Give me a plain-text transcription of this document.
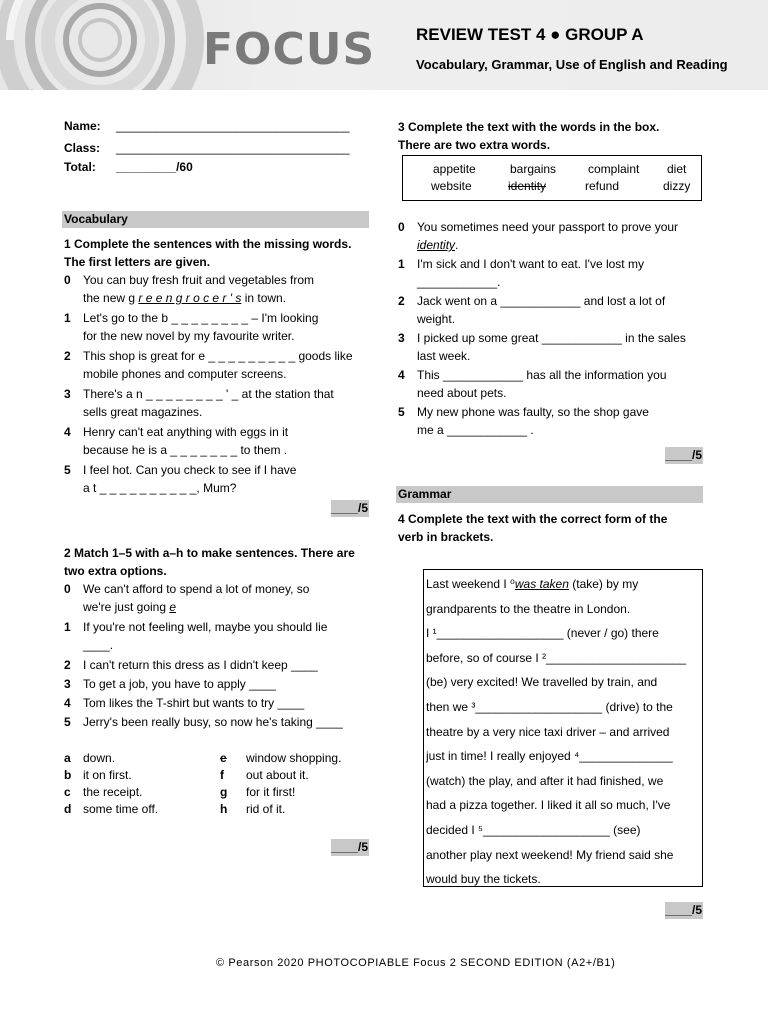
FOCUS REVIEW TEST 4 ● GROUP A
Vocabulary, Grammar, Use of English and Reading
Name: ___________________________________
Class: ___________________________________
Total: _________/60
Vocabulary
1 Complete the sentences with the missing words.
The first letters are given.
0	You can buy fresh fruit and vegetables from
the new g r e e n g r o c e r ' s in town.
1	Let's go to the b _ _ _ _ _ _ _ _ – I'm looking
for the new novel by my favourite writer.
2	This shop is great for e _ _ _ _ _ _ _ _ _ goods like
mobile phones and computer screens.
3	There's a n _ _ _ _ _ _ _ _ ' _ at the station that
sells great magazines.
4	Henry can't eat anything with eggs in it
because he is a _ _ _ _ _ _ _ to them .
5	I feel hot. Can you check to see if I have
a t _ _ _ _ _ _ _ _ _ _, Mum?
____/5
2 Match 1–5 with a–h to make sentences. There are
two extra options.
0	We can't afford to spend a lot of money, so
we're just going e
1	If you're not feeling well, maybe you should lie
____.
2	I can't return this dress as I didn't keep ____
3	To get a job, you have to apply ____
4	Tom likes the T-shirt but wants to try ____
5	Jerry's been really busy, so now he's taking ____
a down.
b it on first.
c the receipt.
d some time off.
e window shopping.
f out about it.
g for it first!
h rid of it.
____/5
3 Complete the text with the words in the box.
There are two extra words.
appetite	bargains	complaint diet
website	identity	refund	dizzy
0	You sometimes need your passport to prove your
identity.
1	I'm sick and I don't want to eat. I've lost my
____________.
2	Jack went on a ____________ and lost a lot of
weight.
3	I picked up some great ____________ in the sales
last week.
4	This ____________ has all the information you
need about pets.
5	My new phone was faulty, so the shop gave
me a ____________ .
____/5
Grammar
4 Complete the text with the correct form of the
verb in brackets.
Last weekend I ⁰was taken (take) by my
grandparents to the theatre in London.
I ¹___________________ (never / go) there
before, so of course I ²_____________________
(be) very excited! We travelled by train, and
then we ³___________________ (drive) to the
theatre by a very nice taxi driver – and arrived
just in time! I really enjoyed ⁴______________
(watch) the play, and after it had finished, we
had a pizza together. I liked it all so much, I've
decided I ⁵___________________ (see)
another play next weekend! My friend said she
would buy the tickets.
____/5
© Pearson 2020 PHOTOCOPIABLE Focus 2 SECOND EDITION (A2+/B1)
